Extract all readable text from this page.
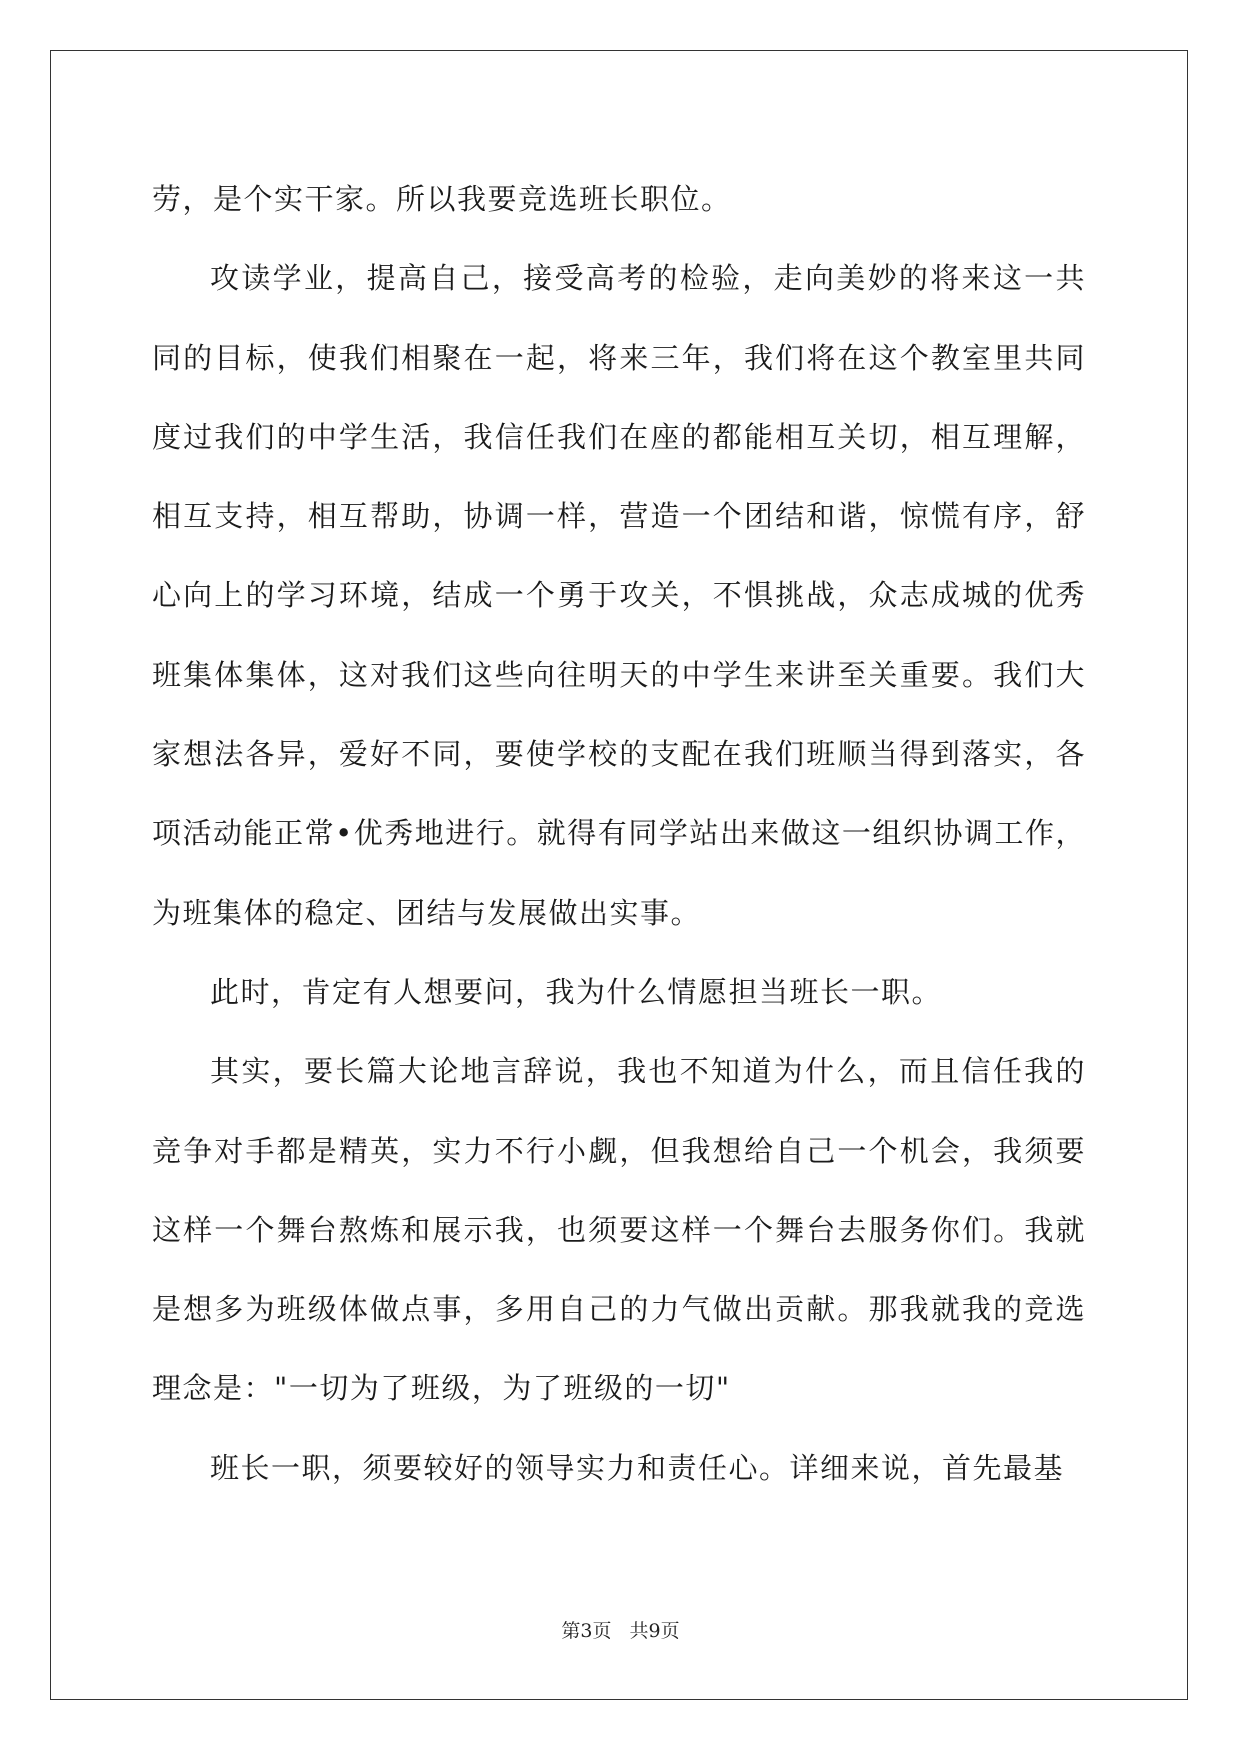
劳，是个实干家。所以我要竞选班长职位。

攻读学业，提高自己，接受高考的检验，走向美妙的将来这一共同的目标，使我们相聚在一起，将来三年，我们将在这个教室里共同度过我们的中学生活，我信任我们在座的都能相互关切，相互理解，相互支持，相互帮助，协调一样，营造一个团结和谐，惊慌有序，舒心向上的学习环境，结成一个勇于攻关，不惧挑战，众志成城的优秀班集体集体，这对我们这些向往明天的中学生来讲至关重要。我们大家想法各异，爱好不同，要使学校的支配在我们班顺当得到落实，各项活动能正常•优秀地进行。就得有同学站出来做这一组织协调工作，为班集体的稳定、团结与发展做出实事。

此时，肯定有人想要问，我为什么情愿担当班长一职。

其实，要长篇大论地言辞说，我也不知道为什么，而且信任我的竞争对手都是精英，实力不行小觑，但我想给自己一个机会，我须要这样一个舞台熬炼和展示我，也须要这样一个舞台去服务你们。我就是想多为班级体做点事，多用自己的力气做出贡献。那我就我的竞选理念是："一切为了班级，为了班级的一切"

班长一职，须要较好的领导实力和责任心。详细来说，首先最基

第3页 共9页
